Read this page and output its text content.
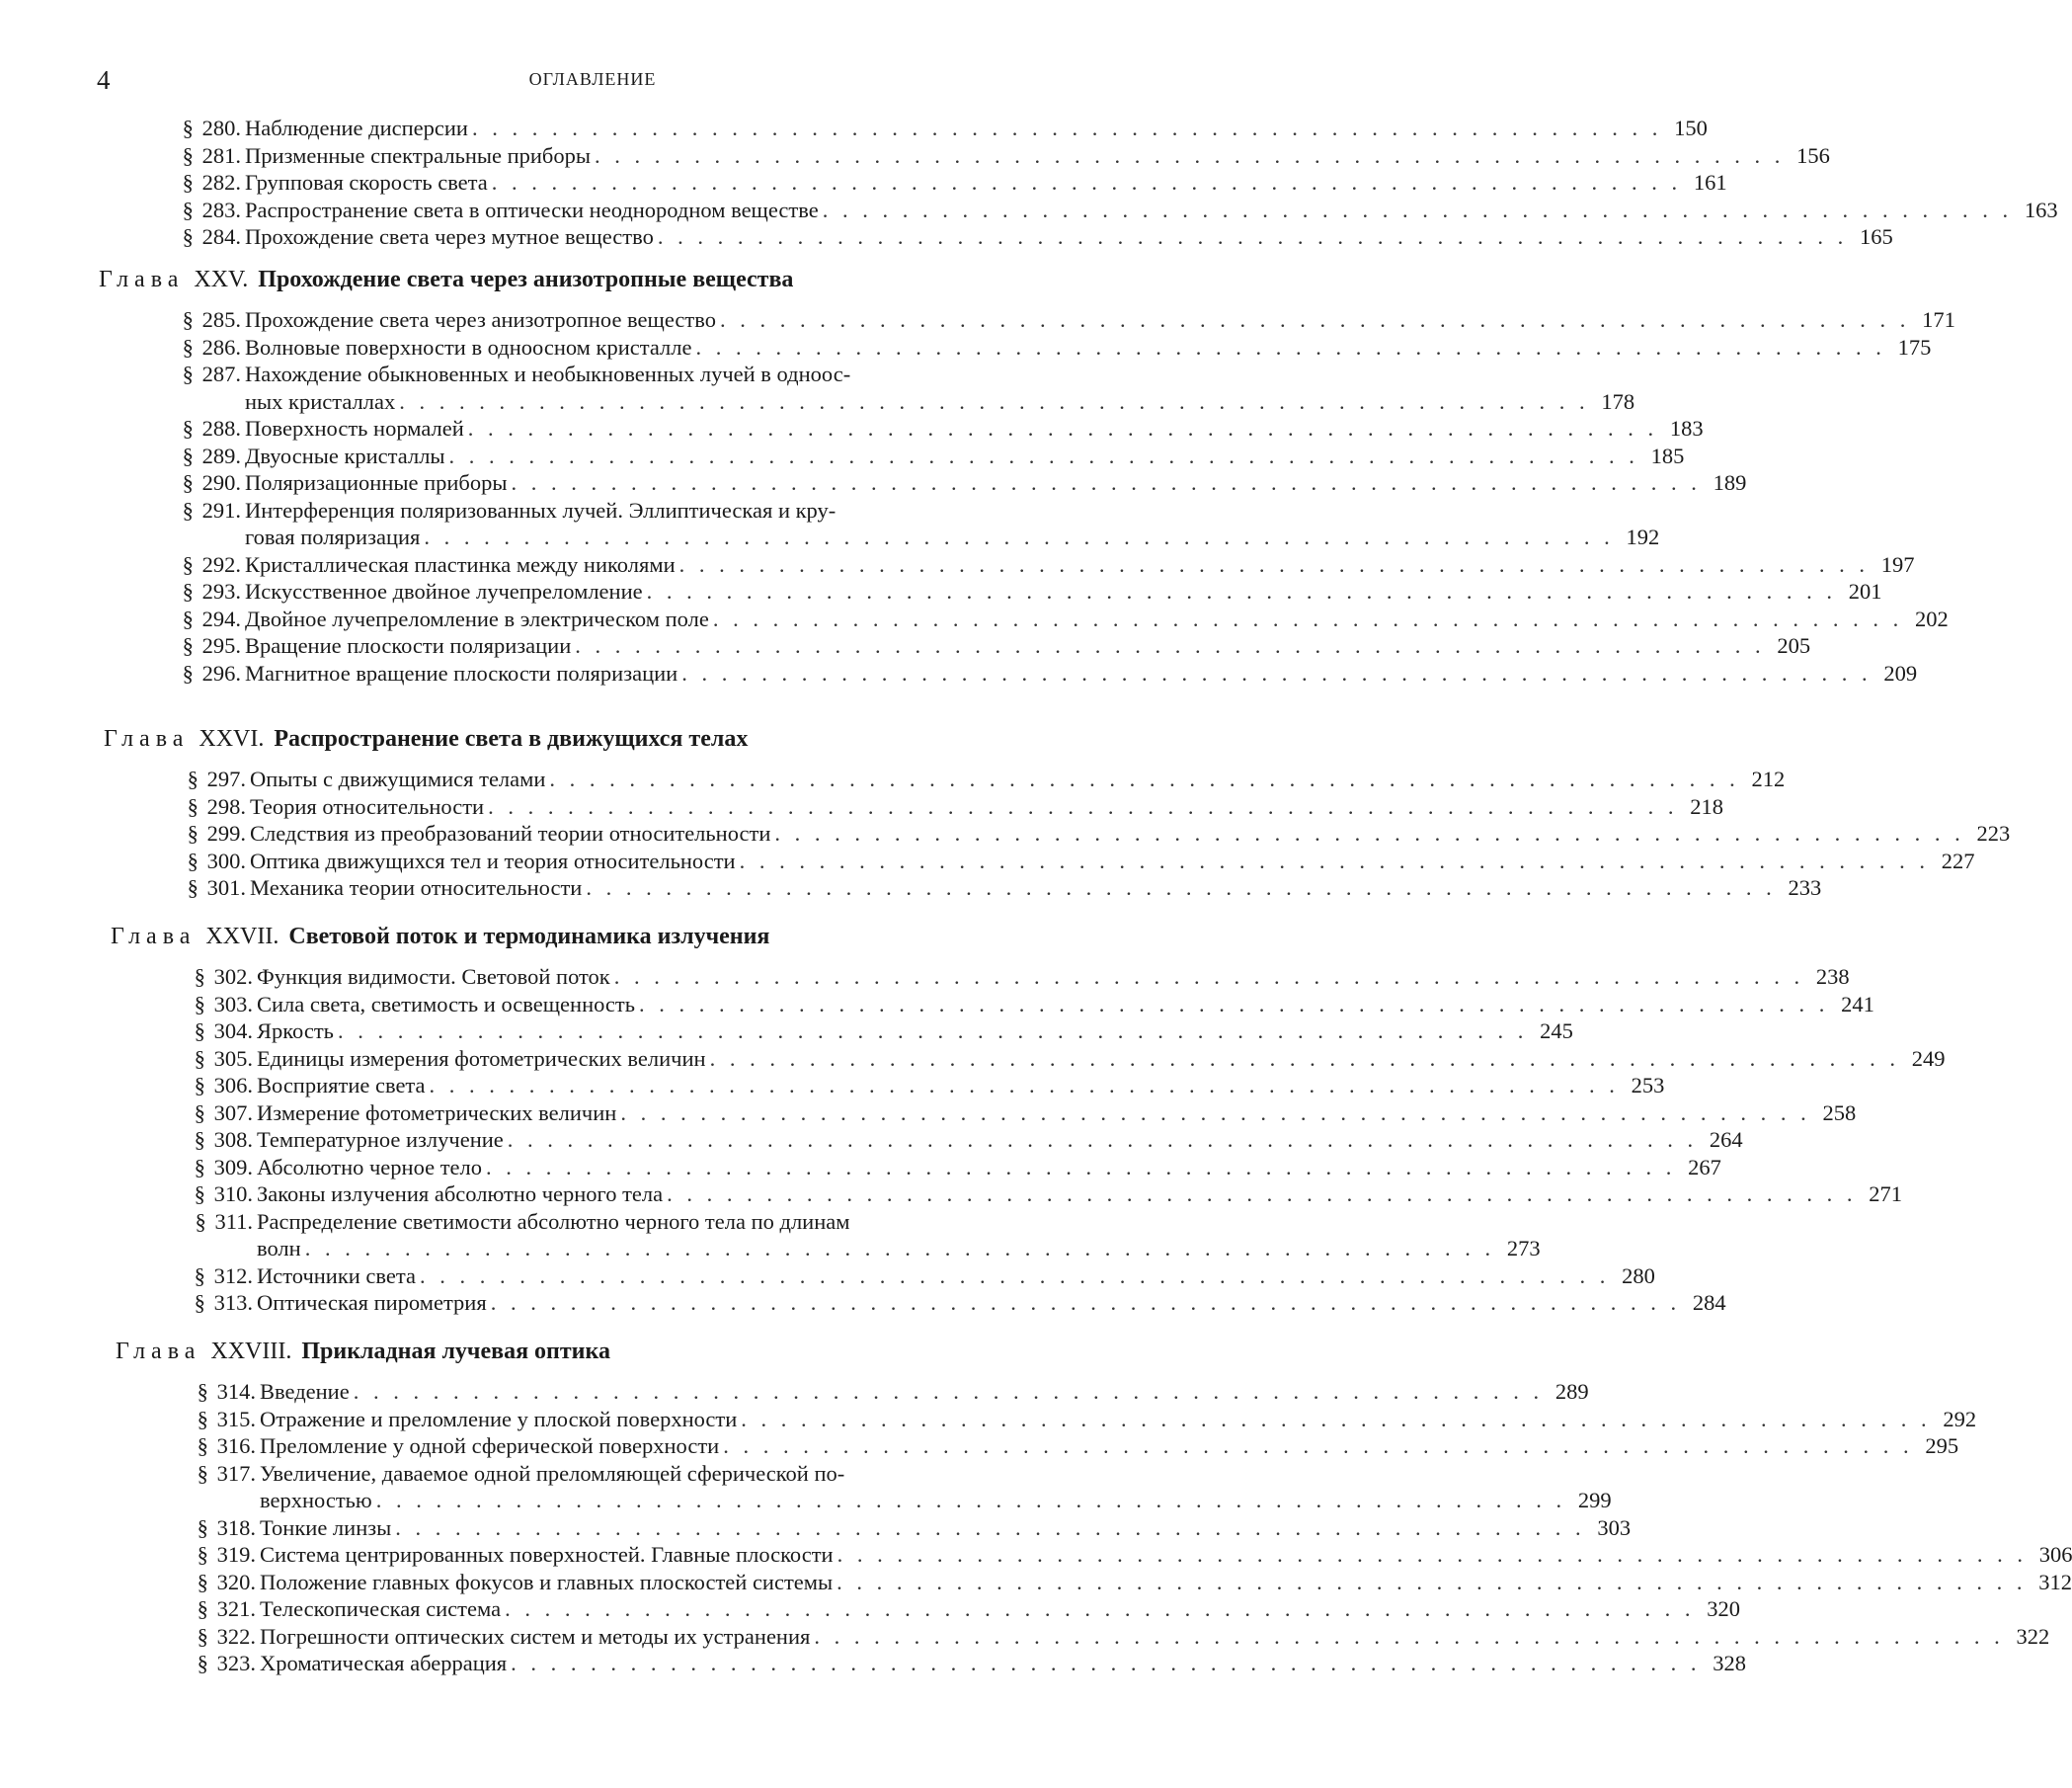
4	ОГЛАВЛЕНИЕ
§ 280. Наблюдение дисперсии . . . . . . . . . . . . . . . . . . . . . . . . . . . . . . . . . . . . . . . . . . . . . . . . . . . . . . . . . . . . 150
§ 281. Призменные спектральные приборы . . . . . . . . . . . . . . . . . . . . . . . . . . . . . . . . . . . . . . . . . . . . . . . . . . . . . . . . . . . . 156
§ 282. Групповая скорость света . . . . . . . . . . . . . . . . . . . . . . . . . . . . . . . . . . . . . . . . . . . . . . . . . . . . . . . . . . . . 161
§ 283. Распространение света в оптически неоднородном веществе . . . . . . . . . . . . . . . . . . . . . . . . . . . . . . . . . . . . . . . . . . . . . . . . . . . . . . . . . . . . 163
§ 284. Прохождение света через мутное вещество . . . . . . . . . . . . . . . . . . . . . . . . . . . . . . . . . . . . . . . . . . . . . . . . . . . . . . . . . . . . 165
Глава XXV. Прохождение света через анизотропные вещества
§ 285. Прохождение света через анизотропное вещество . . . . . . . . . . . . . . . . . . . . . . . . . . . . . . . . . . . . . . . . . . . . . . . . . . . . . . . . . . . . 171
§ 286. Волновые поверхности в одноосном кристалле . . . . . . . . . . . . . . . . . . . . . . . . . . . . . . . . . . . . . . . . . . . . . . . . . . . . . . . . . . . . 175
§ 287. Нахождение обыкновенных и необыкновенных лучей в однoос-
ных кристаллах . . . . . . . . . . . . . . . . . . . . . . . . . . . . . . . . . . . . . . . . . . . . . . . . . . . . . . . . . . . . 178
§ 288. Поверхность нормалей . . . . . . . . . . . . . . . . . . . . . . . . . . . . . . . . . . . . . . . . . . . . . . . . . . . . . . . . . . . . 183
§ 289. Двуосные кристаллы . . . . . . . . . . . . . . . . . . . . . . . . . . . . . . . . . . . . . . . . . . . . . . . . . . . . . . . . . . . . 185
§ 290. Поляризационные приборы . . . . . . . . . . . . . . . . . . . . . . . . . . . . . . . . . . . . . . . . . . . . . . . . . . . . . . . . . . . . 189
§ 291. Интерференция поляризованных лучей. Эллиптическая и кру-
говая поляризация . . . . . . . . . . . . . . . . . . . . . . . . . . . . . . . . . . . . . . . . . . . . . . . . . . . . . . . . . . . . 192
§ 292. Кристаллическая пластинка между николями . . . . . . . . . . . . . . . . . . . . . . . . . . . . . . . . . . . . . . . . . . . . . . . . . . . . . . . . . . . . 197
§ 293. Искусственное двойное лучепреломление . . . . . . . . . . . . . . . . . . . . . . . . . . . . . . . . . . . . . . . . . . . . . . . . . . . . . . . . . . . . 201
§ 294. Двойное лучепреломление в электрическом поле . . . . . . . . . . . . . . . . . . . . . . . . . . . . . . . . . . . . . . . . . . . . . . . . . . . . . . . . . . . . 202
§ 295. Вращение плоскости поляризации . . . . . . . . . . . . . . . . . . . . . . . . . . . . . . . . . . . . . . . . . . . . . . . . . . . . . . . . . . . . 205
§ 296. Магнитное вращение плоскости поляризации . . . . . . . . . . . . . . . . . . . . . . . . . . . . . . . . . . . . . . . . . . . . . . . . . . . . . . . . . . . . 209
Глава XXVI. Распространение света в движущихся телах
§ 297. Опыты с движущимися телами . . . . . . . . . . . . . . . . . . . . . . . . . . . . . . . . . . . . . . . . . . . . . . . . . . . . . . . . . . . . 212
§ 298. Теория относительности . . . . . . . . . . . . . . . . . . . . . . . . . . . . . . . . . . . . . . . . . . . . . . . . . . . . . . . . . . . . 218
§ 299. Следствия из преобразований теории относительности . . . . . . . . . . . . . . . . . . . . . . . . . . . . . . . . . . . . . . . . . . . . . . . . . . . . . . . . . . . . 223
§ 300. Оптика движущихся тел и теория относительности . . . . . . . . . . . . . . . . . . . . . . . . . . . . . . . . . . . . . . . . . . . . . . . . . . . . . . . . . . . . 227
§ 301. Механика теории относительности . . . . . . . . . . . . . . . . . . . . . . . . . . . . . . . . . . . . . . . . . . . . . . . . . . . . . . . . . . . . 233
Глава XXVII. Световой поток и термодинамика излучения
§ 302. Функция видимости. Световой поток . . . . . . . . . . . . . . . . . . . . . . . . . . . . . . . . . . . . . . . . . . . . . . . . . . . . . . . . . . . . 238
§ 303. Сила света, светимость и освещенность . . . . . . . . . . . . . . . . . . . . . . . . . . . . . . . . . . . . . . . . . . . . . . . . . . . . . . . . . . . . 241
§ 304. Яркость . . . . . . . . . . . . . . . . . . . . . . . . . . . . . . . . . . . . . . . . . . . . . . . . . . . . . . . . . . . . 245
§ 305. Единицы измерения фотометрических величин . . . . . . . . . . . . . . . . . . . . . . . . . . . . . . . . . . . . . . . . . . . . . . . . . . . . . . . . . . . . 249
§ 306. Восприятие света . . . . . . . . . . . . . . . . . . . . . . . . . . . . . . . . . . . . . . . . . . . . . . . . . . . . . . . . . . . . 253
§ 307. Измерение фотометрических величин . . . . . . . . . . . . . . . . . . . . . . . . . . . . . . . . . . . . . . . . . . . . . . . . . . . . . . . . . . . . 258
§ 308. Температурное излучение . . . . . . . . . . . . . . . . . . . . . . . . . . . . . . . . . . . . . . . . . . . . . . . . . . . . . . . . . . . . 264
§ 309. Абсолютно черное тело . . . . . . . . . . . . . . . . . . . . . . . . . . . . . . . . . . . . . . . . . . . . . . . . . . . . . . . . . . . . 267
§ 310. Законы излучения абсолютно черного тела . . . . . . . . . . . . . . . . . . . . . . . . . . . . . . . . . . . . . . . . . . . . . . . . . . . . . . . . . . . . 271
§ 311. Распределение светимости абсолютно черного тела по длинам
волн . . . . . . . . . . . . . . . . . . . . . . . . . . . . . . . . . . . . . . . . . . . . . . . . . . . . . . . . . . . . 273
§ 312. Источники света . . . . . . . . . . . . . . . . . . . . . . . . . . . . . . . . . . . . . . . . . . . . . . . . . . . . . . . . . . . . 280
§ 313. Оптическая пирометрия . . . . . . . . . . . . . . . . . . . . . . . . . . . . . . . . . . . . . . . . . . . . . . . . . . . . . . . . . . . . 284
Глава XXVIII. Прикладная лучевая оптика
§ 314. Введение . . . . . . . . . . . . . . . . . . . . . . . . . . . . . . . . . . . . . . . . . . . . . . . . . . . . . . . . . . . . 289
§ 315. Отражение и преломление у плоской поверхности . . . . . . . . . . . . . . . . . . . . . . . . . . . . . . . . . . . . . . . . . . . . . . . . . . . . . . . . . . . . 292
§ 316. Преломление у одной сферической поверхности . . . . . . . . . . . . . . . . . . . . . . . . . . . . . . . . . . . . . . . . . . . . . . . . . . . . . . . . . . . . 295
§ 317. Увеличение, даваемое одной преломляющей сферической по-
верхностью . . . . . . . . . . . . . . . . . . . . . . . . . . . . . . . . . . . . . . . . . . . . . . . . . . . . . . . . . . . . 299
§ 318. Тонкие линзы . . . . . . . . . . . . . . . . . . . . . . . . . . . . . . . . . . . . . . . . . . . . . . . . . . . . . . . . . . . . 303
§ 319. Система центрированных поверхностей. Главные плоскости . . . . . . . . . . . . . . . . . . . . . . . . . . . . . . . . . . . . . . . . . . . . . . . . . . . . . . . . . . . . 306
§ 320. Положение главных фокусов и главных плоскостей системы . . . . . . . . . . . . . . . . . . . . . . . . . . . . . . . . . . . . . . . . . . . . . . . . . . . . . . . . . . . . 312
§ 321. Телескопическая система . . . . . . . . . . . . . . . . . . . . . . . . . . . . . . . . . . . . . . . . . . . . . . . . . . . . . . . . . . . . 320
§ 322. Погрешности оптических систем и методы их устранения . . . . . . . . . . . . . . . . . . . . . . . . . . . . . . . . . . . . . . . . . . . . . . . . . . . . . . . . . . . . 322
§ 323. Хроматическая аберрация . . . . . . . . . . . . . . . . . . . . . . . . . . . . . . . . . . . . . . . . . . . . . . . . . . . . . . . . . . . . 328
